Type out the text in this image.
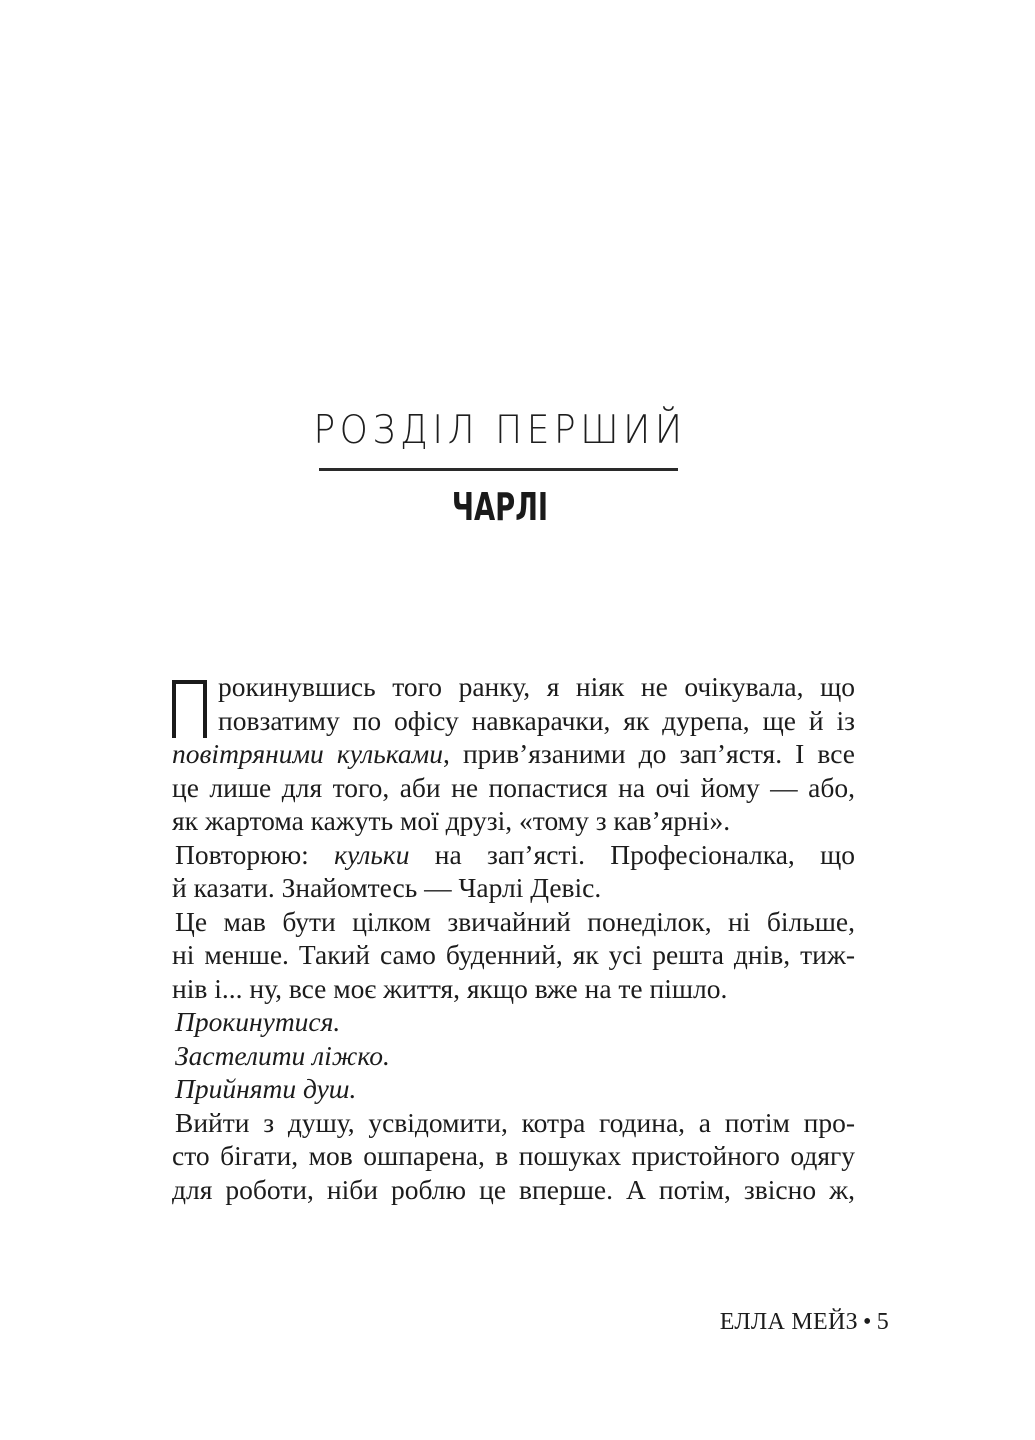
РОЗДІЛ ПЕРШИЙ
ЧАРЛІ
рокинувшись того ранку, я ніяк не очікувала, що
повзатиму по офісу навкарачки, як дурепа, ще й із
повітряними кульками, прив’язаними до зап’ястя. І все
це лише для того, аби не попастися на очі йому — або,
як жартома кажуть мої друзі, «тому з кав’ярні».
Повторюю: кульки на зап’ясті. Професіоналка, що
й казати. Знайомтесь — Чарлі Девіс.
Це мав бути цілком звичайний понеділок, ні більше,
ні менше. Такий само буденний, як усі решта днів, тиж-
нів і... ну, все моє життя, якщо вже на те пішло.
Прокинутися.
Застелити ліжко.
Прийняти душ.
Вийти з душу, усвідомити, котра година, а потім про-
сто бігати, мов ошпарена, в пошуках пристойного одягу
для роботи, ніби роблю це вперше. А потім, звісно ж,
ЕЛЛА МЕЙЗ • 5
